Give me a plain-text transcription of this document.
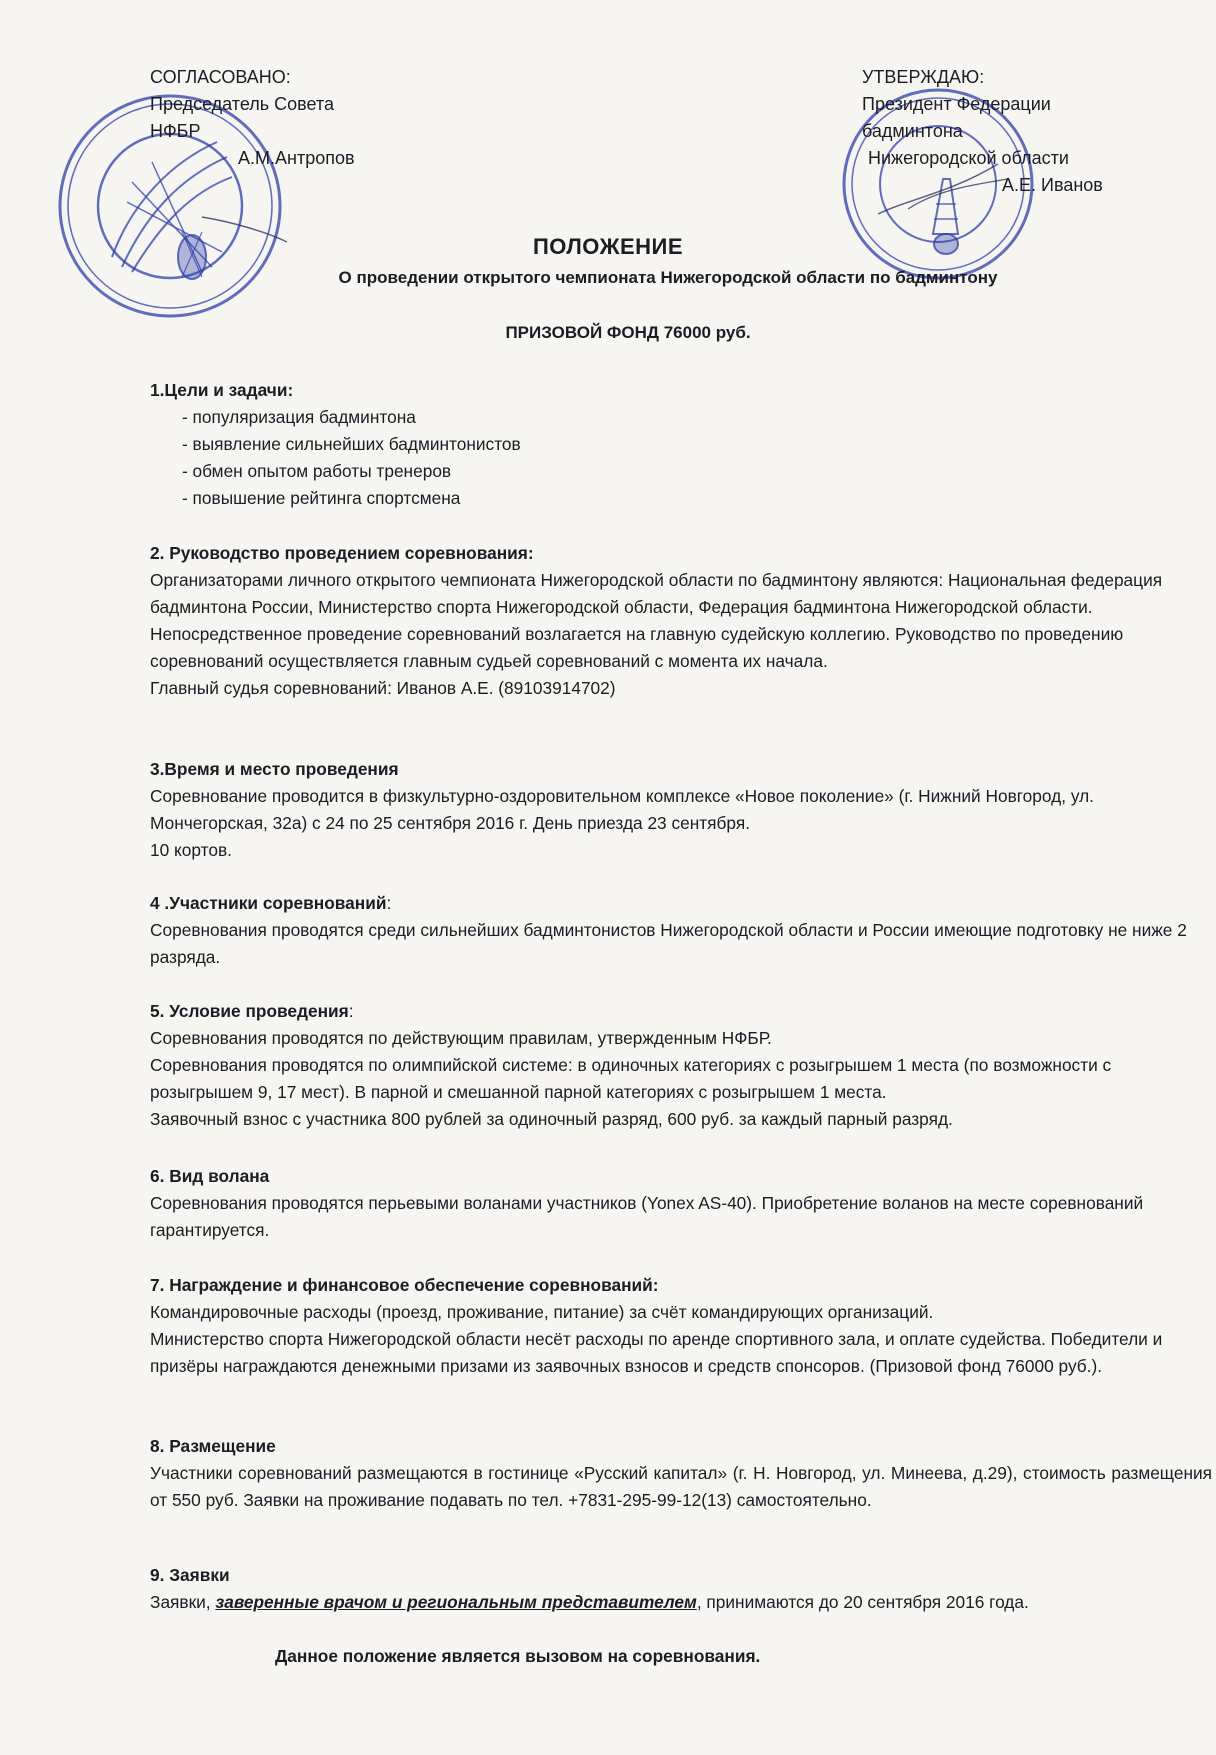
СОГЛАСОВАНО:
Председатель Совета
НФБР
А.М.Антропов
УТВЕРЖДАЮ:
Президент Федерации
бадминтона
Нижегородской области
А.Е. Иванов
ПОЛОЖЕНИЕ
О проведении открытого чемпионата Нижегородской области по бадминтону
ПРИЗОВОЙ ФОНД 76000 руб.
1.Цели и задачи:
- популяризация бадминтона
- выявление сильнейших бадминтонистов
- обмен опытом работы тренеров
- повышение рейтинга спортсмена
2. Руководство проведением соревнования:

Организаторами личного открытого чемпионата Нижегородской области по бадминтону являются: Национальная федерация бадминтона России, Министерство спорта Нижегородской области, Федерация бадминтона Нижегородской области. Непосредственное проведение соревнований возлагается на главную судейскую коллегию. Руководство по проведению соревнований осуществляется главным судьей соревнований с момента их начала.

Главный судья соревнований: Иванов А.Е. (89103914702)

3.Время и место проведения

Соревнование проводится в физкультурно-оздоровительном комплексе «Новое поколение» (г. Нижний Новгород, ул. Мончегорская, 32а) с 24 по 25 сентября 2016 г. День приезда 23 сентября.

10 кортов.

4 .Участники соревнований:

Соревнования проводятся среди сильнейших бадминтонистов Нижегородской области и России имеющие подготовку не ниже 2 разряда.

5. Условие проведения:

Соревнования проводятся по действующим правилам, утвержденным НФБР.

Соревнования проводятся по олимпийской системе: в одиночных категориях с розыгрышем 1 места (по возможности с розыгрышем 9, 17 мест). В парной и смешанной парной категориях с розыгрышем 1 места.

Заявочный взнос с участника 800 рублей за одиночный разряд, 600 руб. за каждый парный разряд.

6. Вид волана

Соревнования проводятся перьевыми воланами участников (Yonex AS-40). Приобретение воланов на месте соревнований гарантируется.

7. Награждение и финансовое обеспечение соревнований:

Командировочные расходы (проезд, проживание, питание) за счёт командирующих организаций.

Министерство спорта Нижегородской области несёт расходы по аренде спортивного зала, и оплате судейства. Победители и призёры награждаются денежными призами из заявочных взносов и средств спонсоров. (Призовой фонд 76000 руб.).

8. Размещение

Участники соревнований размещаются в гостинице «Русский капитал» (г. Н. Новгород, ул. Минеева, д.29), стоимость размещения от 550 руб. Заявки на проживание подавать по тел. +7831-295-99-12(13) самостоятельно.

9. Заявки

Заявки, заверенные врачом и региональным представителем, принимаются до 20 сентября 2016 года.

Данное положение является вызовом на соревнования.
